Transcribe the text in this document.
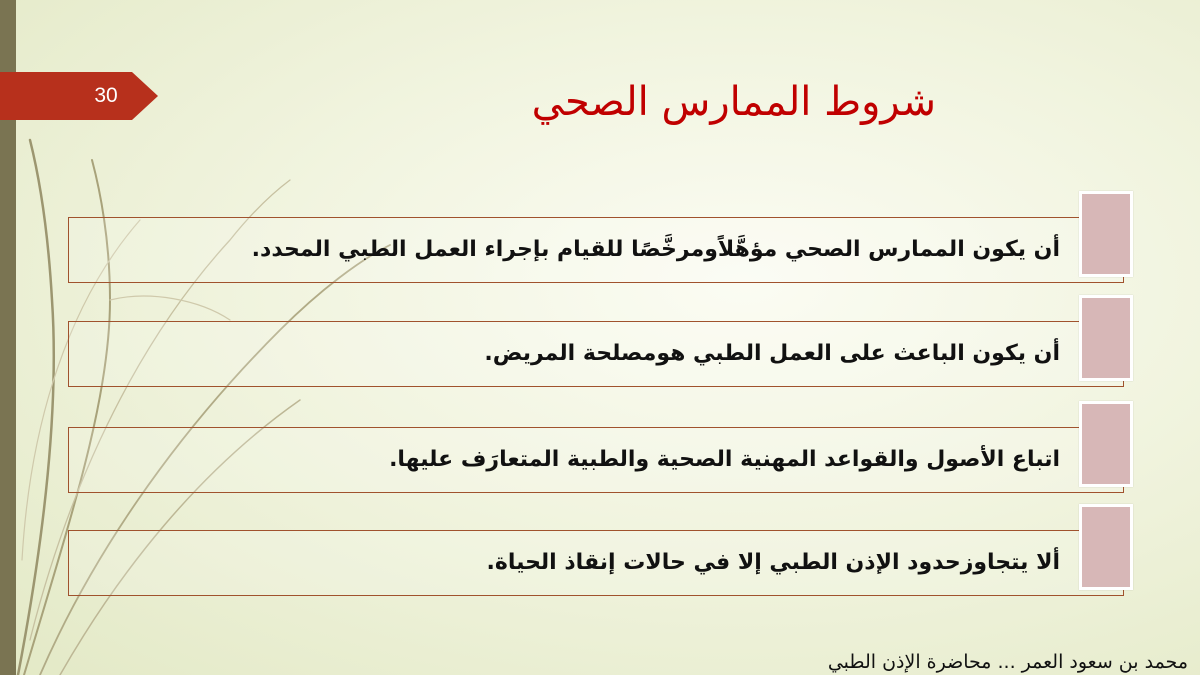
30	شروط الممارس الصحي
أن يكون الممارس الصحي مؤهَّلاًومرخَّصًا للقيام بإجراء العمل الطبي المحدد.
أن يكون الباعث على العمل الطبي هومصلحة المريض.
اتباع الأصول والقواعد المهنية الصحية والطبية المتعارَف عليها.
ألا يتجاوزحدود الإذن الطبي إلا في حالات إنقاذ الحياة.
محمد بن سعود العمر ... محاضرة الإذن الطبي
